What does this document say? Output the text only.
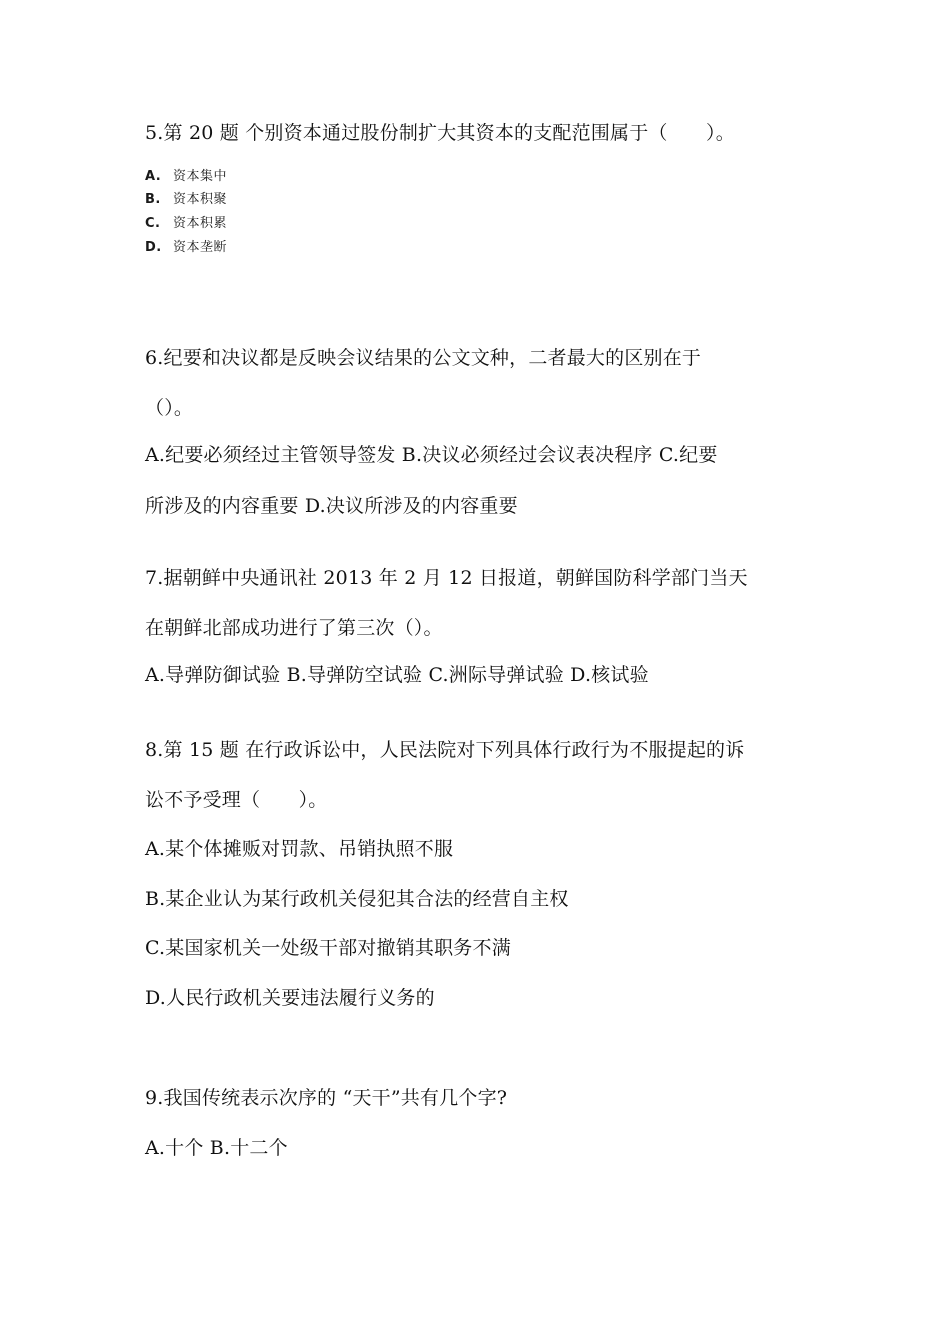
5.第 20 题 个别资本通过股份制扩大其资本的支配范围属于（　　）。
A. 资本集中
B. 资本积聚
C. 资本积累
D. 资本垄断
6.纪要和决议都是反映会议结果的公文文种，二者最大的区别在于
（）。
A.纪要必须经过主管领导签发 B.决议必须经过会议表决程序 C.纪要
所涉及的内容重要 D.决议所涉及的内容重要
7.据朝鲜中央通讯社 2013 年 2 月 12 日报道，朝鲜国防科学部门当天
在朝鲜北部成功进行了第三次（）。
A.导弹防御试验 B.导弹防空试验 C.洲际导弹试验 D.核试验
8.第 15 题 在行政诉讼中，人民法院对下列具体行政行为不服提起的诉
讼不予受理（　　）。
A.某个体摊贩对罚款、吊销执照不服
B.某企业认为某行政机关侵犯其合法的经营自主权
C.某国家机关一处级干部对撤销其职务不满
D.人民行政机关要违法履行义务的
9.我国传统表示次序的 “天干”共有几个字?
A.十个 B.十二个
